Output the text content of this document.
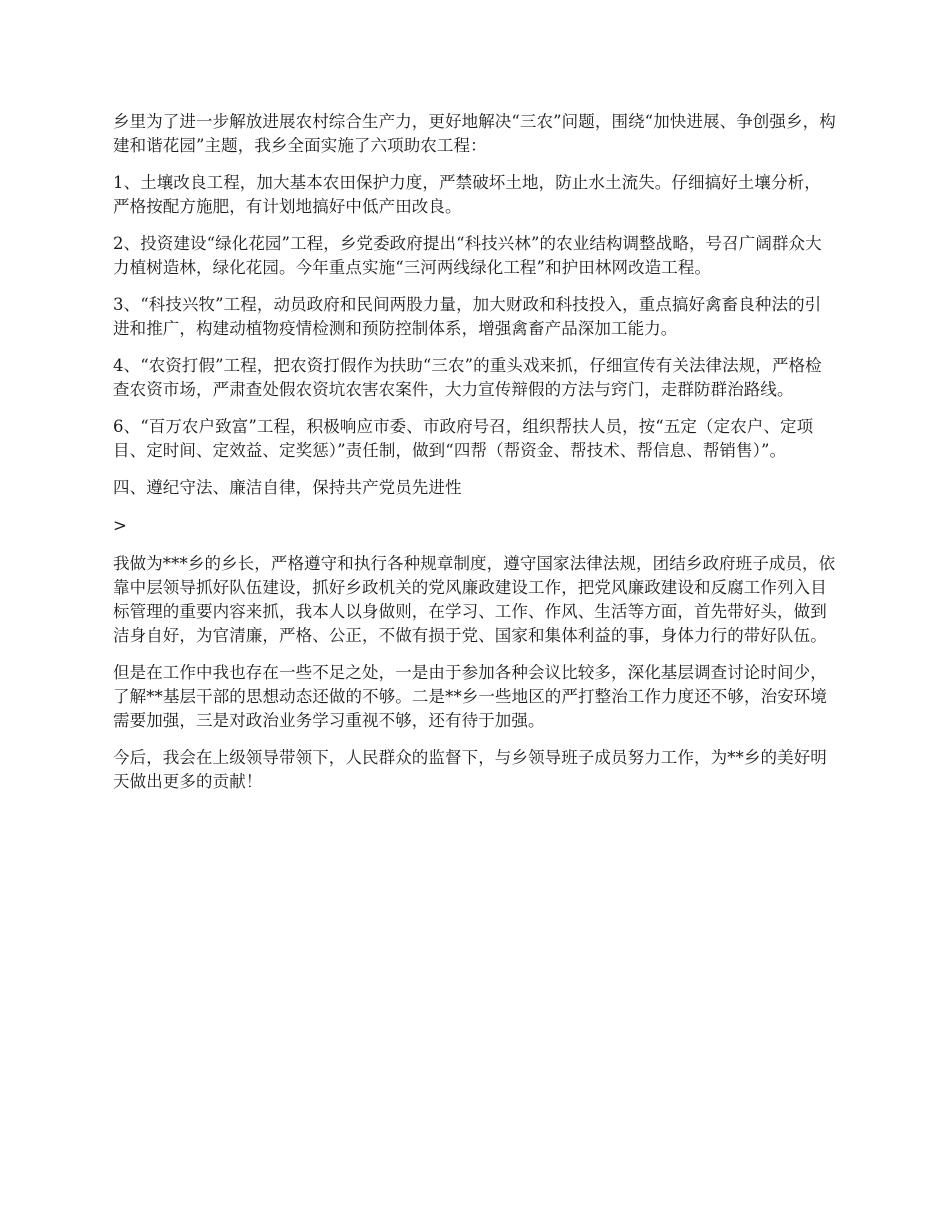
乡里为了进一步解放进展农村综合生产力，更好地解决“三农”问题，围绕“加快进展、争创强乡，构建和谐花园”主题，我乡全面实施了六项助农工程：

1、土壤改良工程，加大基本农田保护力度，严禁破坏土地，防止水土流失。仔细搞好土壤分析，严格按配方施肥，有计划地搞好中低产田改良。

2、投资建设“绿化花园”工程，乡党委政府提出“科技兴林”的农业结构调整战略，号召广阔群众大力植树造林，绿化花园。今年重点实施“三河两线绿化工程”和护田林网改造工程。

3、“科技兴牧”工程，动员政府和民间两股力量，加大财政和科技投入，重点搞好禽畜良种法的引进和推广，构建动植物疫情检测和预防控制体系，增强禽畜产品深加工能力。

4、“农资打假”工程，把农资打假作为扶助“三农”的重头戏来抓，仔细宣传有关法律法规，严格检查农资市场，严肃查处假农资坑农害农案件，大力宣传辩假的方法与窍门，走群防群治路线。

6、“百万农户致富”工程，积极响应市委、市政府号召，组织帮扶人员，按“五定（定农户、定项目、定时间、定效益、定奖惩）”责任制，做到“四帮（帮资金、帮技术、帮信息、帮销售）”。

四、遵纪守法、廉洁自律，保持共产党员先进性

>

我做为***乡的乡长，严格遵守和执行各种规章制度，遵守国家法律法规，团结乡政府班子成员，依靠中层领导抓好队伍建设，抓好乡政机关的党风廉政建设工作，把党风廉政建设和反腐工作列入目标管理的重要内容来抓，我本人以身做则，在学习、工作、作风、生活等方面，首先带好头，做到洁身自好，为官清廉，严格、公正，不做有损于党、国家和集体利益的事，身体力行的带好队伍。

但是在工作中我也存在一些不足之处，一是由于参加各种会议比较多，深化基层调查讨论时间少，了解**基层干部的思想动态还做的不够。二是**乡一些地区的严打整治工作力度还不够，治安环境需要加强，三是对政治业务学习重视不够，还有待于加强。

今后，我会在上级领导带领下，人民群众的监督下，与乡领导班子成员努力工作，为**乡的美好明天做出更多的贡献！
